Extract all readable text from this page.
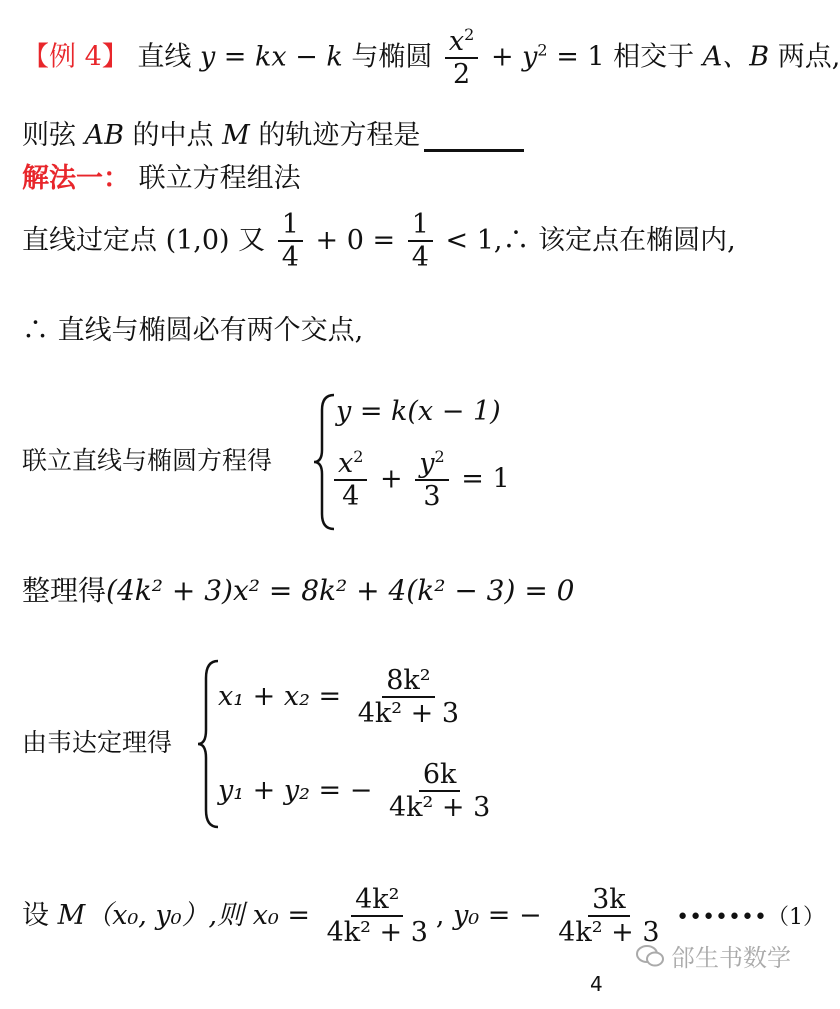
【例 4】 直线 y = kx − k 与椭圆 $\frac{x^2}{2} + y^2 = 1$ 相交于 A、B 两点,
则弦 AB 的中点 M 的轨迹方程是
解法一： 联立方程组法
直线过定点 (1,0) 又 $\frac{1}{4} + 0 = \frac{1}{4}$ < 1,∴ 该定点在椭圆内,
∴ 直线与椭圆必有两个交点,
联立直线与椭圆方程得
y = k(x − 1)
$\frac{x^2}{4} + \frac{y^2}{3} = 1$
整理得(4k² + 3)x² = 8k² + 4(k² − 3) = 0
由韦达定理得
$x_1 + x_2 = \frac{\text{8k²}}{\text{4k² + 3}}$
y₁ + y₂ = − $\frac{6k}{\text{4k² + 3}}$
设 M（x₀, y₀）,则 $x_0 = \frac{\text{4k²}}{\text{4k² + 3}}$ , y₀ = − $\frac{3k}{\text{4k² + 3}}$ •••••••（1）
郃生书数学
4
